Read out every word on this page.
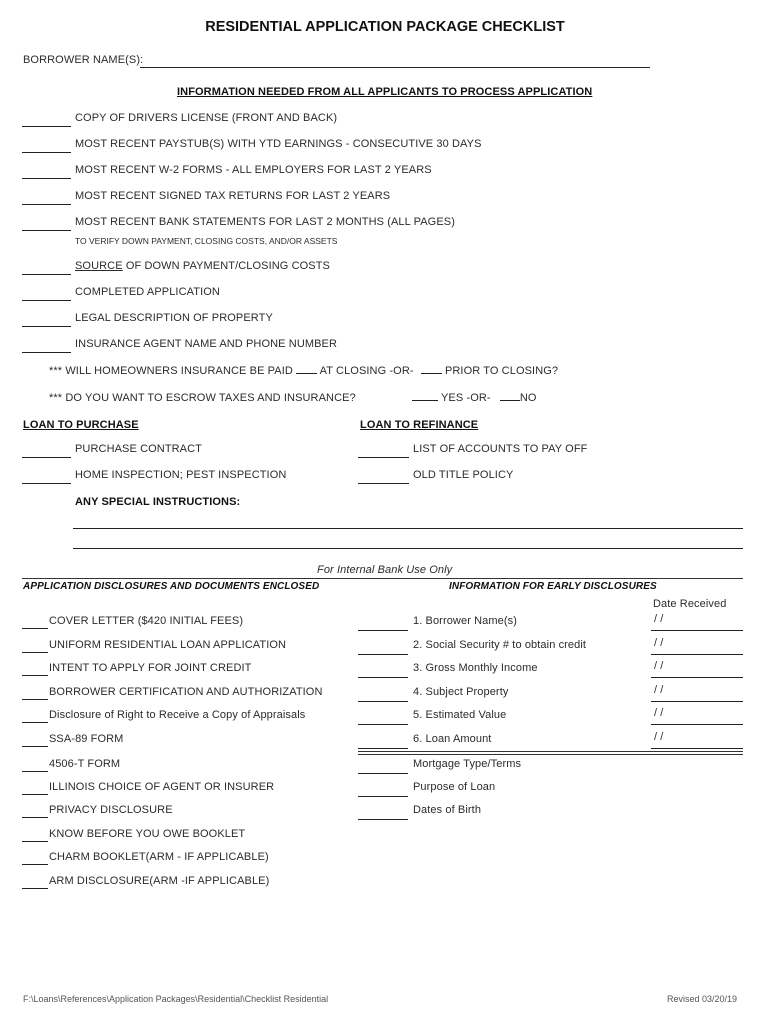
RESIDENTIAL APPLICATION PACKAGE CHECKLIST
BORROWER NAME(S):
INFORMATION NEEDED FROM ALL APPLICANTS TO PROCESS APPLICATION
COPY OF DRIVERS LICENSE (FRONT AND BACK)
MOST RECENT PAYSTUB(S) WITH YTD EARNINGS - CONSECUTIVE 30 DAYS
MOST RECENT W-2 FORMS - ALL EMPLOYERS FOR LAST 2 YEARS
MOST RECENT SIGNED TAX RETURNS FOR LAST 2 YEARS
MOST RECENT BANK STATEMENTS FOR LAST 2 MONTHS (ALL PAGES)
TO VERIFY DOWN PAYMENT, CLOSING COSTS, AND/OR ASSETS
SOURCE OF DOWN PAYMENT/CLOSING COSTS
COMPLETED APPLICATION
LEGAL DESCRIPTION OF PROPERTY
INSURANCE AGENT NAME AND PHONE NUMBER
*** WILL HOMEOWNERS INSURANCE BE PAID AT CLOSING -OR-	PRIOR TO CLOSING?
*** DO YOU WANT TO ESCROW TAXES AND INSURANCE?	YES -OR-	NO
LOAN TO PURCHASE	LOAN TO REFINANCE
PURCHASE CONTRACT	LIST OF ACCOUNTS TO PAY OFF
HOME INSPECTION; PEST INSPECTION	OLD TITLE POLICY
ANY SPECIAL INSTRUCTIONS:
For Internal Bank Use Only
APPLICATION DISCLOSURES AND DOCUMENTS ENCLOSED	INFORMATION FOR EARLY DISCLOSURES
Date Received
COVER LETTER ($420 INITIAL FEES)
UNIFORM RESIDENTIAL LOAN APPLICATION
INTENT TO APPLY FOR JOINT CREDIT
BORROWER CERTIFICATION AND AUTHORIZATION
Disclosure of Right to Receive a Copy of Appraisals
SSA-89 FORM
4506-T FORM
ILLINOIS CHOICE OF AGENT OR INSURER
PRIVACY DISCLOSURE
KNOW BEFORE YOU OWE BOOKLET
CHARM BOOKLET(ARM - IF APPLICABLE)
ARM DISCLOSURE(ARM -IF APPLICABLE)
1. Borrower Name(s)	/ /
2. Social Security # to obtain credit	/ /
3. Gross Monthly Income	/ /
4. Subject Property	/ /
5. Estimated Value	/ /
6. Loan Amount	/ /
Mortgage Type/Terms
Purpose of Loan
Dates of Birth
F:\Loans\References\Application Packages\Residential\Checklist Residential	Revised 03/20/19
